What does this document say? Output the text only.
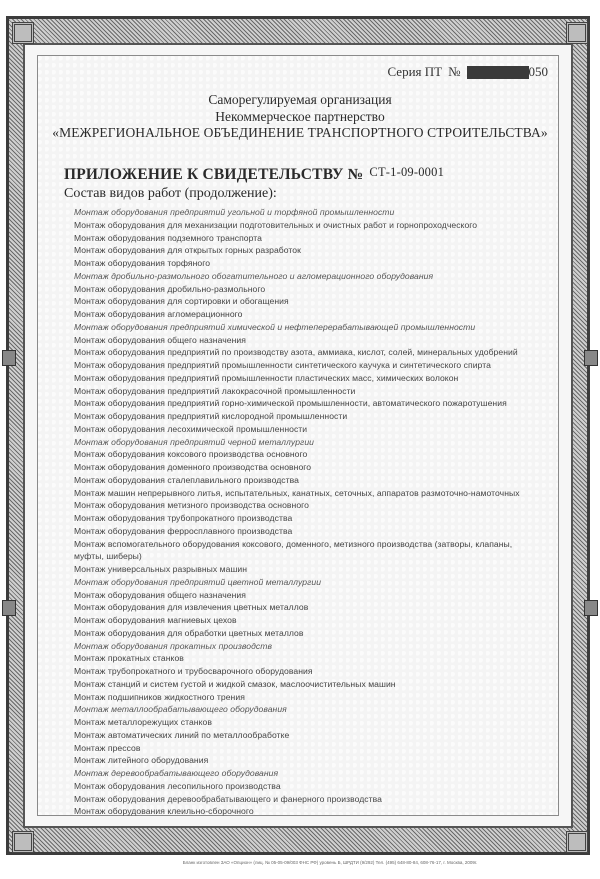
Серия ПТ №	050
Саморегулируемая организация
Некоммерческое партнерство
«МЕЖРЕГИОНАЛЬНОЕ ОБЪЕДИНЕНИЕ ТРАНСПОРТНОГО СТРОИТЕЛЬСТВА»
ПРИЛОЖЕНИЕ К СВИДЕТЕЛЬСТВУ № СТ-1-09-0001
Состав видов работ (продолжение):
Монтаж оборудования предприятий угольной и торфяной промышленности
Монтаж оборудования для механизации подготовительных и очистных работ и горнопроходческого
Монтаж оборудования подземного транспорта
Монтаж оборудования для открытых горных разработок
Монтаж оборудования торфяного
Монтаж дробильно-размольного обогатительного и агломерационного оборудования
Монтаж оборудования дробильно-размольного
Монтаж оборудования для сортировки и обогащения
Монтаж оборудования агломерационного
Монтаж оборудования предприятий химической и нефтеперерабатывающей промышленности
Монтаж оборудования общего назначения
Монтаж оборудования предприятий по производству азота, аммиака, кислот, солей, минеральных удобрений
Монтаж оборудования предприятий промышленности синтетического каучука и синтетического спирта
Монтаж оборудования предприятий промышленности пластических масс, химических волокон
Монтаж оборудования предприятий лакокрасочной промышленности
Монтаж оборудования предприятий горно-химической промышленности, автоматического пожаротушения
Монтаж оборудования предприятий кислородной промышленности
Монтаж оборудования лесохимической промышленности
Монтаж оборудования предприятий черной металлургии
Монтаж оборудования коксового производства основного
Монтаж оборудования доменного производства основного
Монтаж оборудования сталеплавильного производства
Монтаж машин непрерывного литья, испытательных, канатных, сеточных, аппаратов размоточно-намоточных
Монтаж оборудования метизного производства основного
Монтаж оборудования трубопрокатного производства
Монтаж оборудования ферросплавного производства
Монтаж вспомогательного оборудования коксового, доменного, метизного производства (затворы, клапаны, муфты, шиберы)
Монтаж универсальных разрывных машин
Монтаж оборудования предприятий цветной металлургии
Монтаж оборудования общего назначения
Монтаж оборудования для извлечения цветных металлов
Монтаж оборудования магниевых цехов
Монтаж оборудования для обработки цветных металлов
Монтаж оборудования прокатных производств
Монтаж прокатных станков
Монтаж трубопрокатного и трубосварочного оборудования
Монтаж станций и систем густой и жидкой смазок, маслоочистительных машин
Монтаж подшипников жидкостного трения
Монтаж металлообрабатывающего оборудования
Монтаж металлорежущих станков
Монтаж автоматических линий по металлообработке
Монтаж прессов
Монтаж литейного оборудования
Монтаж деревообрабатывающего оборудования
Монтаж оборудования лесопильного производства
Монтаж оборудования деревообрабатывающего и фанерного производства
Монтаж оборудования клеильно-сборочного
Бланк изготовлен ЗАО «Опцион» (лиц. № 05-05-09/003 ФНС РФ) уровень Б, ШРДТИ (9/292) Тел. (495) 648-80-84, 608-76-17, г. Москва, 2009г.
